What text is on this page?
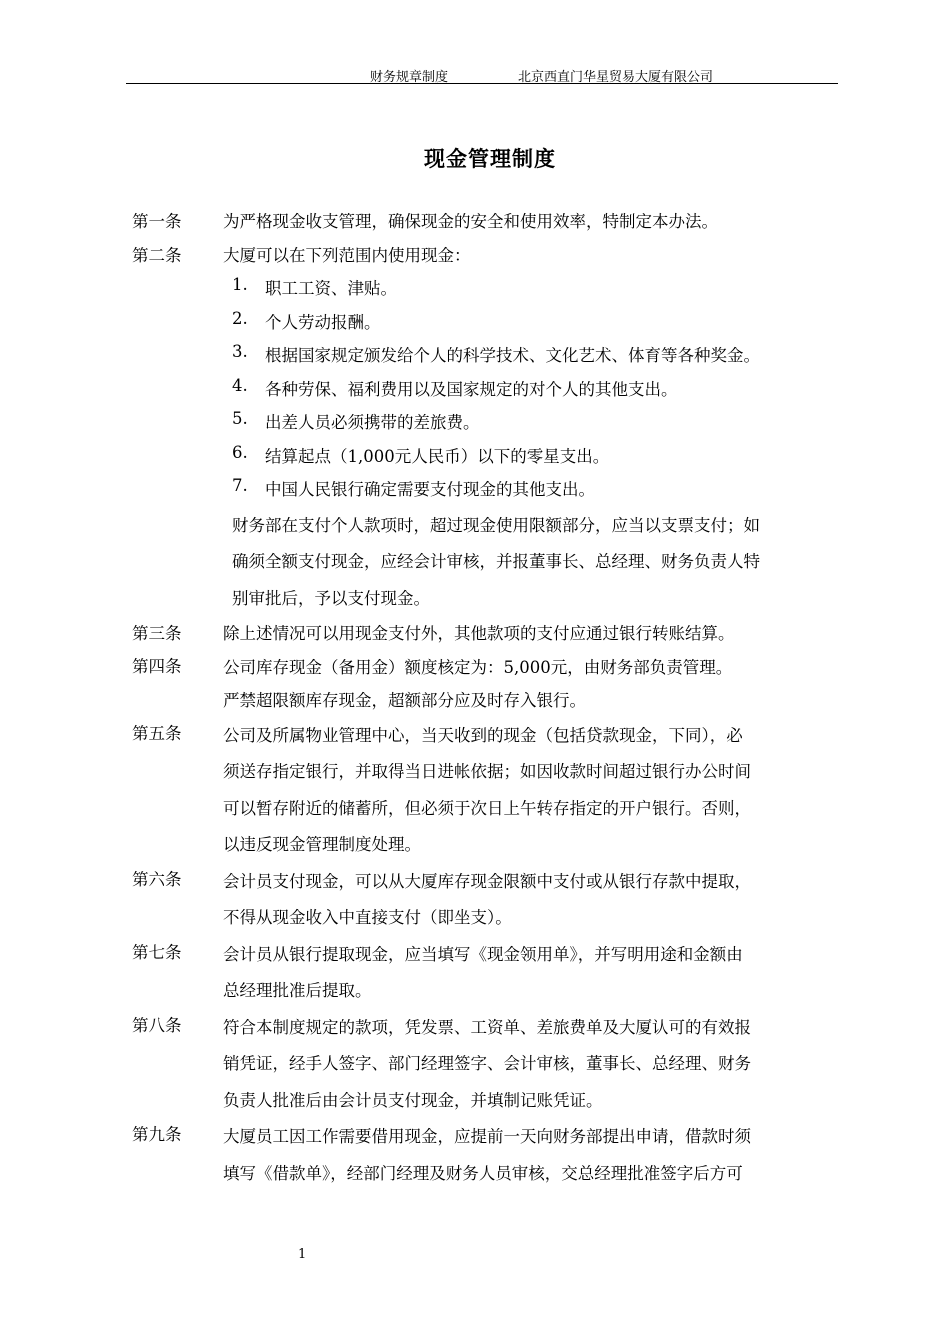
财务规章制度	北京西直门华星贸易大厦有限公司
现金管理制度
第一条	为严格现金收支管理，确保现金的安全和使用效率，特制定本办法。
第二条	大厦可以在下列范围内使用现金：
1. 职工工资、津贴。
2. 个人劳动报酬。
3. 根据国家规定颁发给个人的科学技术、文化艺术、体育等各种奖金。
4. 各种劳保、福利费用以及国家规定的对个人的其他支出。
5. 出差人员必须携带的差旅费。
6. 结算起点（1,000元人民币）以下的零星支出。
7. 中国人民银行确定需要支付现金的其他支出。
财务部在支付个人款项时，超过现金使用限额部分，应当以支票支付；如
确须全额支付现金，应经会计审核，并报董事长、总经理、财务负责人特
别审批后，予以支付现金。
第三条	除上述情况可以用现金支付外，其他款项的支付应通过银行转账结算。
第四条	公司库存现金（备用金）额度核定为：5,000元，由财务部负责管理。
严禁超限额库存现金，超额部分应及时存入银行。
第五条	公司及所属物业管理中心，当天收到的现金（包括贷款现金，下同），必
须送存指定银行，并取得当日进帐依据；如因收款时间超过银行办公时间
可以暂存附近的储蓄所，但必须于次日上午转存指定的开户银行。否则，
以违反现金管理制度处理。
第六条	会计员支付现金，可以从大厦库存现金限额中支付或从银行存款中提取，
不得从现金收入中直接支付（即坐支）。
第七条	会计员从银行提取现金，应当填写《现金领用单》，并写明用途和金额由
总经理批准后提取。
第八条	符合本制度规定的款项，凭发票、工资单、差旅费单及大厦认可的有效报
销凭证，经手人签字、部门经理签字、会计审核，董事长、总经理、财务
负责人批准后由会计员支付现金，并填制记账凭证。
第九条	大厦员工因工作需要借用现金，应提前一天向财务部提出申请，借款时须
填写《借款单》，经部门经理及财务人员审核，交总经理批准签字后方可
1
